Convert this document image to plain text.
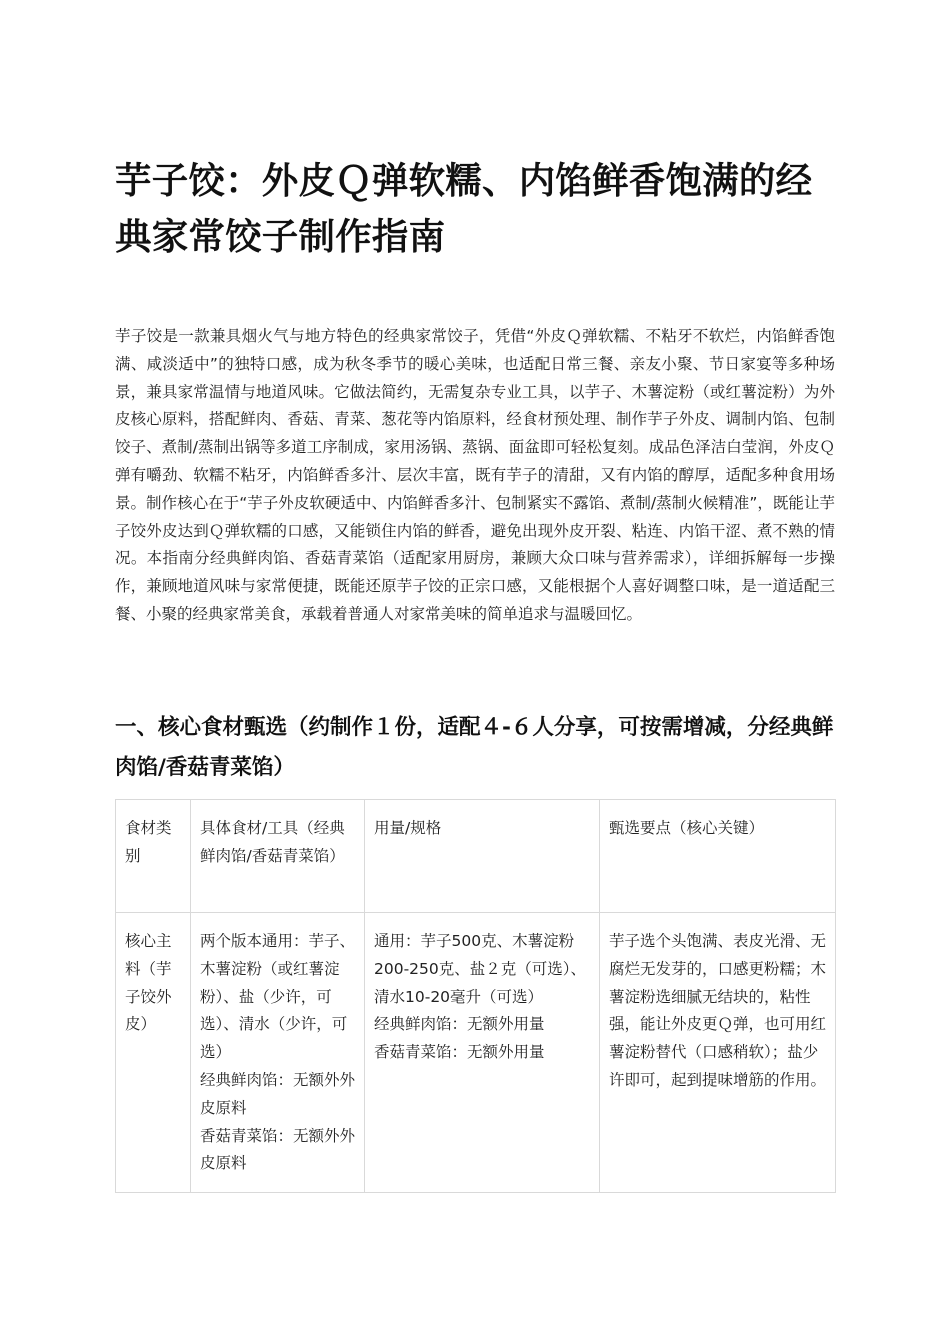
芋子饺：外皮Ｑ弹软糯、内馅鲜香饱满的经典家常饺子制作指南

芋子饺是一款兼具烟火气与地方特色的经典家常饺子，凭借“外皮Ｑ弹软糯、不粘牙不软烂，内馅鲜香饱满、咸淡适中”的独特口感，成为秋冬季节的暖心美味，也适配日常三餐、亲友小聚、节日家宴等多种场景，兼具家常温情与地道风味。它做法简约，无需复杂专业工具，以芋子、木薯淀粉（或红薯淀粉）为外皮核心原料，搭配鲜肉、香菇、青菜、葱花等内馅原料，经食材预处理、制作芋子外皮、调制内馅、包制饺子、煮制/蒸制出锅等多道工序制成，家用汤锅、蒸锅、面盆即可轻松复刻。成品色泽洁白莹润，外皮Ｑ弹有嚼劲、软糯不粘牙，内馅鲜香多汁、层次丰富，既有芋子的清甜，又有内馅的醇厚，适配多种食用场景。制作核心在于“芋子外皮软硬适中、内馅鲜香多汁、包制紧实不露馅、煮制/蒸制火候精准”，既能让芋子饺外皮达到Ｑ弹软糯的口感，又能锁住内馅的鲜香，避免出现外皮开裂、粘连、内馅干涩、煮不熟的情况。本指南分经典鲜肉馅、香菇青菜馅（适配家用厨房，兼顾大众口味与营养需求），详细拆解每一步操作，兼顾地道风味与家常便捷，既能还原芋子饺的正宗口感，又能根据个人喜好调整口味，是一道适配三餐、小聚的经典家常美食，承载着普通人对家常美味的简单追求与温暖回忆。

一、核心食材甄选（约制作１份，适配４-６人分享，可按需增减，分经典鲜肉馅/香菇青菜馅）
食材类别	具体食材/工具（经典鲜肉馅/香菇青菜馅）	用量/规格	甄选要点（核心关键）
核心主料（芋子饺外皮）	两个版本通用：芋子、木薯淀粉（或红薯淀粉）、盐（少许，可选）、清水（少许，可选）
经典鲜肉馅：无额外外皮原料
香菇青菜馅：无额外外皮原料	通用：芋子500克、木薯淀粉200-250克、盐２克（可选）、清水10-20毫升（可选）
经典鲜肉馅：无额外用量
香菇青菜馅：无额外用量	芋子选个头饱满、表皮光滑、无腐烂无发芽的，口感更粉糯；木薯淀粉选细腻无结块的，粘性强，能让外皮更Ｑ弹，也可用红薯淀粉替代（口感稍软）；盐少许即可，起到提味增筋的作用。
